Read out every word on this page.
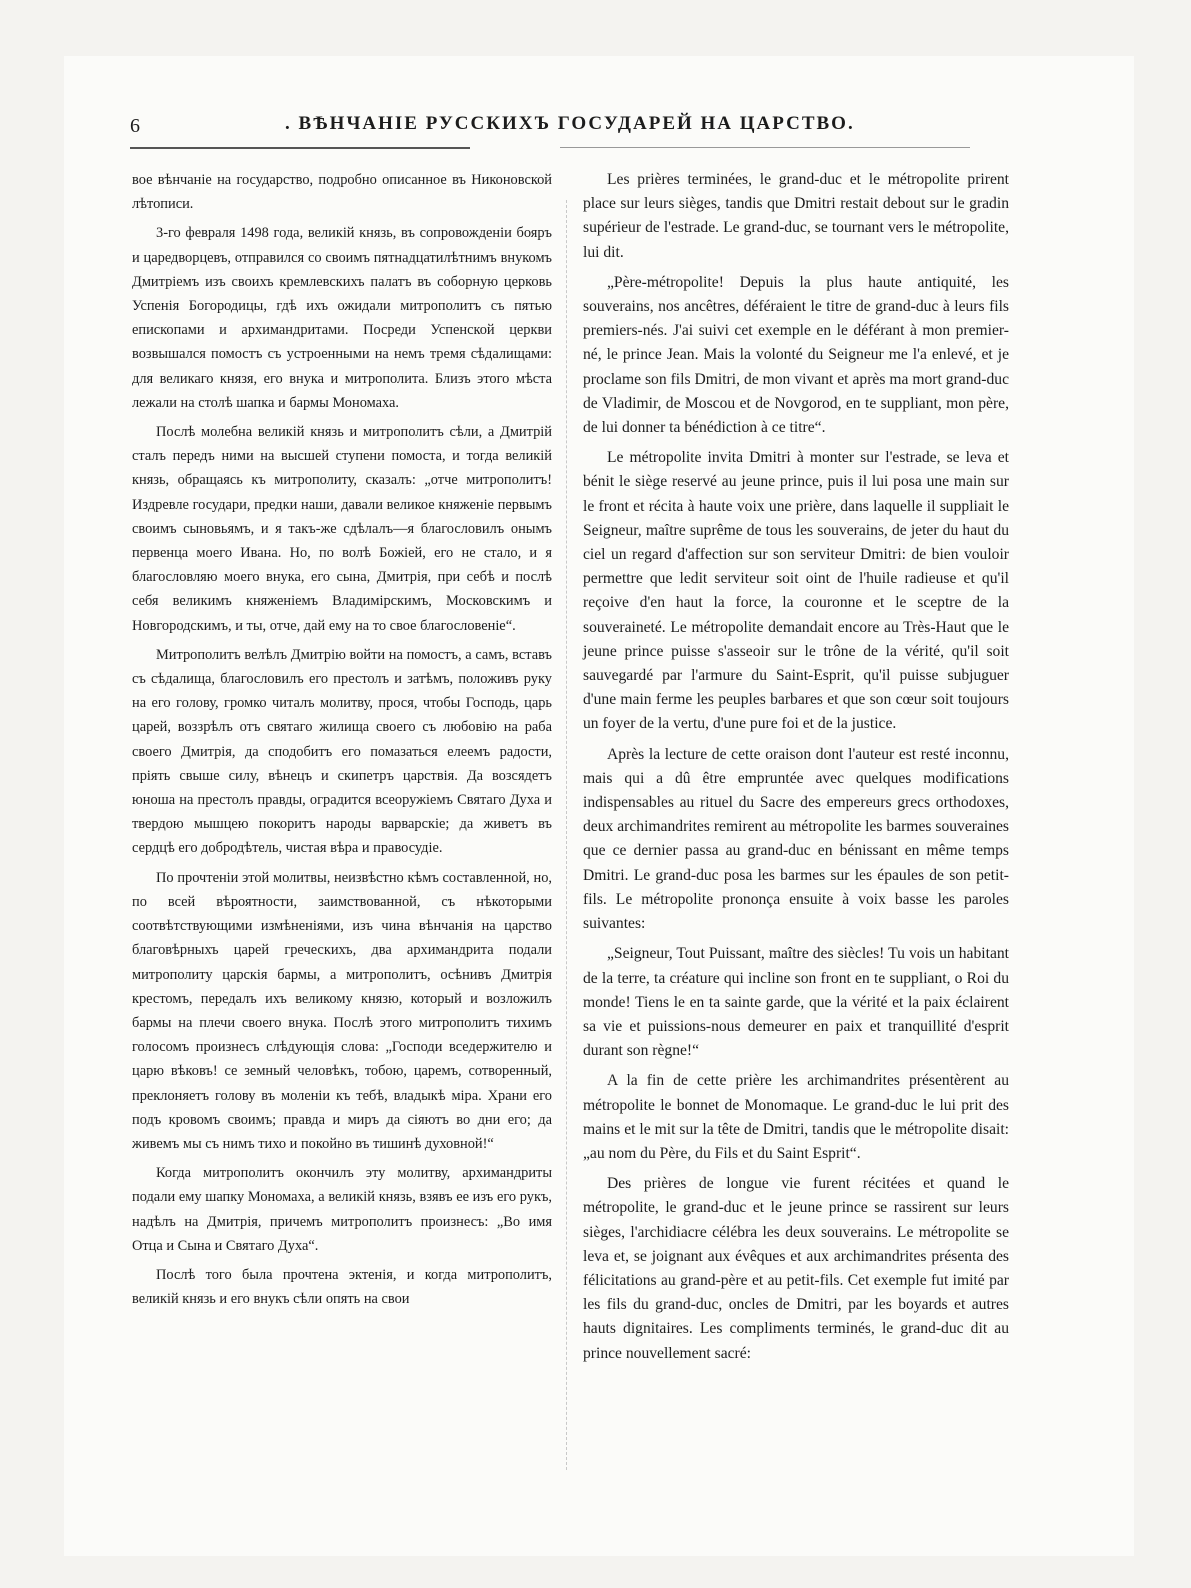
6	. ВѢНЧАНІЕ РУССКИХЪ ГОСУДАРЕЙ НА ЦАРСТВО.

вое вѣнчаніе на государство, подробно описанное въ Никоновской лѣтописи.

3-го февраля 1498 года, великій князь, въ сопровожденіи бояръ и царедворцевъ, отправился со своимъ пятнадцатилѣтнимъ внукомъ Дмитріемъ изъ своихъ кремлевскихъ палатъ въ соборную церковь Успенія Богородицы, гдѣ ихъ ожидали митрополитъ съ пятью епископами и архимандритами. Посреди Успенской церкви возвышался помостъ съ устроенными на немъ тремя сѣдалищами: для великаго князя, его внука и митрополита. Близъ этого мѣста лежали на столѣ шапка и бармы Мономаха.

Послѣ молебна великій князь и митрополитъ сѣли, а Дмитрій сталъ передъ ними на высшей ступени помоста, и тогда великій князь, обращаясь къ митрополиту, сказалъ: „отче митрополитъ! Издревле государи, предки наши, давали великое княженіе первымъ своимъ сыновьямъ, и я такъ-же сдѣлалъ—я благословилъ онымъ первенца моего Ивана. Но, по волѣ Божіей, его не стало, и я благословляю моего внука, его сына, Дмитрія, при себѣ и послѣ себя великимъ княженіемъ Владимірскимъ, Московскимъ и Новгородскимъ, и ты, отче, дай ему на то свое благословеніе“.

Митрополитъ велѣлъ Дмитрію войти на помостъ, а самъ, вставъ съ сѣдалища, благословилъ его престолъ и затѣмъ, положивъ руку на его голову, громко читалъ молитву, прося, чтобы Господь, царь царей, воззрѣлъ отъ святаго жилища своего съ любовію на раба своего Дмитрія, да сподобитъ его помазаться елеемъ радости, пріять свыше силу, вѣнецъ и скипетръ царствія. Да возсядетъ юноша на престолъ правды, оградится всеоружіемъ Святаго Духа и твердою мышцею покоритъ народы варварскіе; да живетъ въ сердцѣ его добродѣтель, чистая вѣра и правосудіе.

По прочтеніи этой молитвы, неизвѣстно кѣмъ составленной, но, по всей вѣроятности, заимствованной, съ нѣкоторыми соотвѣтствующими измѣненіями, изъ чина вѣнчанія на царство благовѣрныхъ царей греческихъ, два архимандрита подали митрополиту царскія бармы, а митрополитъ, осѣнивъ Дмитрія крестомъ, передалъ ихъ великому князю, который и возложилъ бармы на плечи своего внука. Послѣ этого митрополитъ тихимъ голосомъ произнесъ слѣдующія слова: „Господи вседержителю и царю вѣковъ! се земный человѣкъ, тобою, царемъ, сотворенный, преклоняетъ голову въ моленіи къ тебѣ, владыкѣ міра. Храни его подъ кровомъ своимъ; правда и миръ да сіяютъ во дни его; да живемъ мы съ нимъ тихо и покойно въ тишинѣ духовной!“

Когда митрополитъ окончилъ эту молитву, архимандриты подали ему шапку Мономаха, а великій князь, взявъ ее изъ его рукъ, надѣлъ на Дмитрія, причемъ митрополитъ произнесъ: „Во имя Отца и Сына и Святаго Духа“.

Послѣ того была прочтена эктенія, и когда митрополитъ, великій князь и его внукъ сѣли опять на свои

Les prières terminées, le grand-duc et le métropolite prirent place sur leurs sièges, tandis que Dmitri restait debout sur le gradin supérieur de l'estrade. Le grand-duc, se tournant vers le métropolite, lui dit.

„Père-métropolite! Depuis la plus haute antiquité, les souverains, nos ancêtres, déféraient le titre de grand-duc à leurs fils premiers-nés. J'ai suivi cet exemple en le déférant à mon premier-né, le prince Jean. Mais la volonté du Seigneur me l'a enlevé, et je proclame son fils Dmitri, de mon vivant et après ma mort grand-duc de Vladimir, de Moscou et de Novgorod, en te suppliant, mon père, de lui donner ta bénédiction à ce titre“.

Le métropolite invita Dmitri à monter sur l'estrade, se leva et bénit le siège reservé au jeune prince, puis il lui posa une main sur le front et récita à haute voix une prière, dans laquelle il suppliait le Seigneur, maître suprême de tous les souverains, de jeter du haut du ciel un regard d'affection sur son serviteur Dmitri: de bien vouloir permettre que ledit serviteur soit oint de l'huile radieuse et qu'il reçoive d'en haut la force, la couronne et le sceptre de la souveraineté. Le métropolite demandait encore au Très-Haut que le jeune prince puisse s'asseoir sur le trône de la vérité, qu'il soit sauvegardé par l'armure du Saint-Esprit, qu'il puisse subjuguer d'une main ferme les peuples barbares et que son cœur soit toujours un foyer de la vertu, d'une pure foi et de la justice.

Après la lecture de cette oraison dont l'auteur est resté inconnu, mais qui a dû être empruntée avec quelques modifications indispensables au rituel du Sacre des empereurs grecs orthodoxes, deux archimandrites remirent au métropolite les barmes souveraines que ce dernier passa au grand-duc en bénissant en même temps Dmitri. Le grand-duc posa les barmes sur les épaules de son petit-fils. Le métropolite prononça ensuite à voix basse les paroles suivantes:

„Seigneur, Tout Puissant, maître des siècles! Tu vois un habitant de la terre, ta créature qui incline son front en te suppliant, o Roi du monde! Tiens le en ta sainte garde, que la vérité et la paix éclairent sa vie et puissions-nous demeurer en paix et tranquillité d'esprit durant son règne!“

A la fin de cette prière les archimandrites présentèrent au métropolite le bonnet de Monomaque. Le grand-duc le lui prit des mains et le mit sur la tête de Dmitri, tandis que le métropolite disait: „au nom du Père, du Fils et du Saint Esprit“.

Des prières de longue vie furent récitées et quand le métropolite, le grand-duc et le jeune prince se rassirent sur leurs sièges, l'archidiacre célébra les deux souverains. Le métropolite se leva et, se joignant aux évêques et aux archimandrites présenta des félicitations au grand-père et au petit-fils. Cet exemple fut imité par les fils du grand-duc, oncles de Dmitri, par les boyards et autres hauts dignitaires. Les compliments terminés, le grand-duc dit au prince nouvellement sacré:
